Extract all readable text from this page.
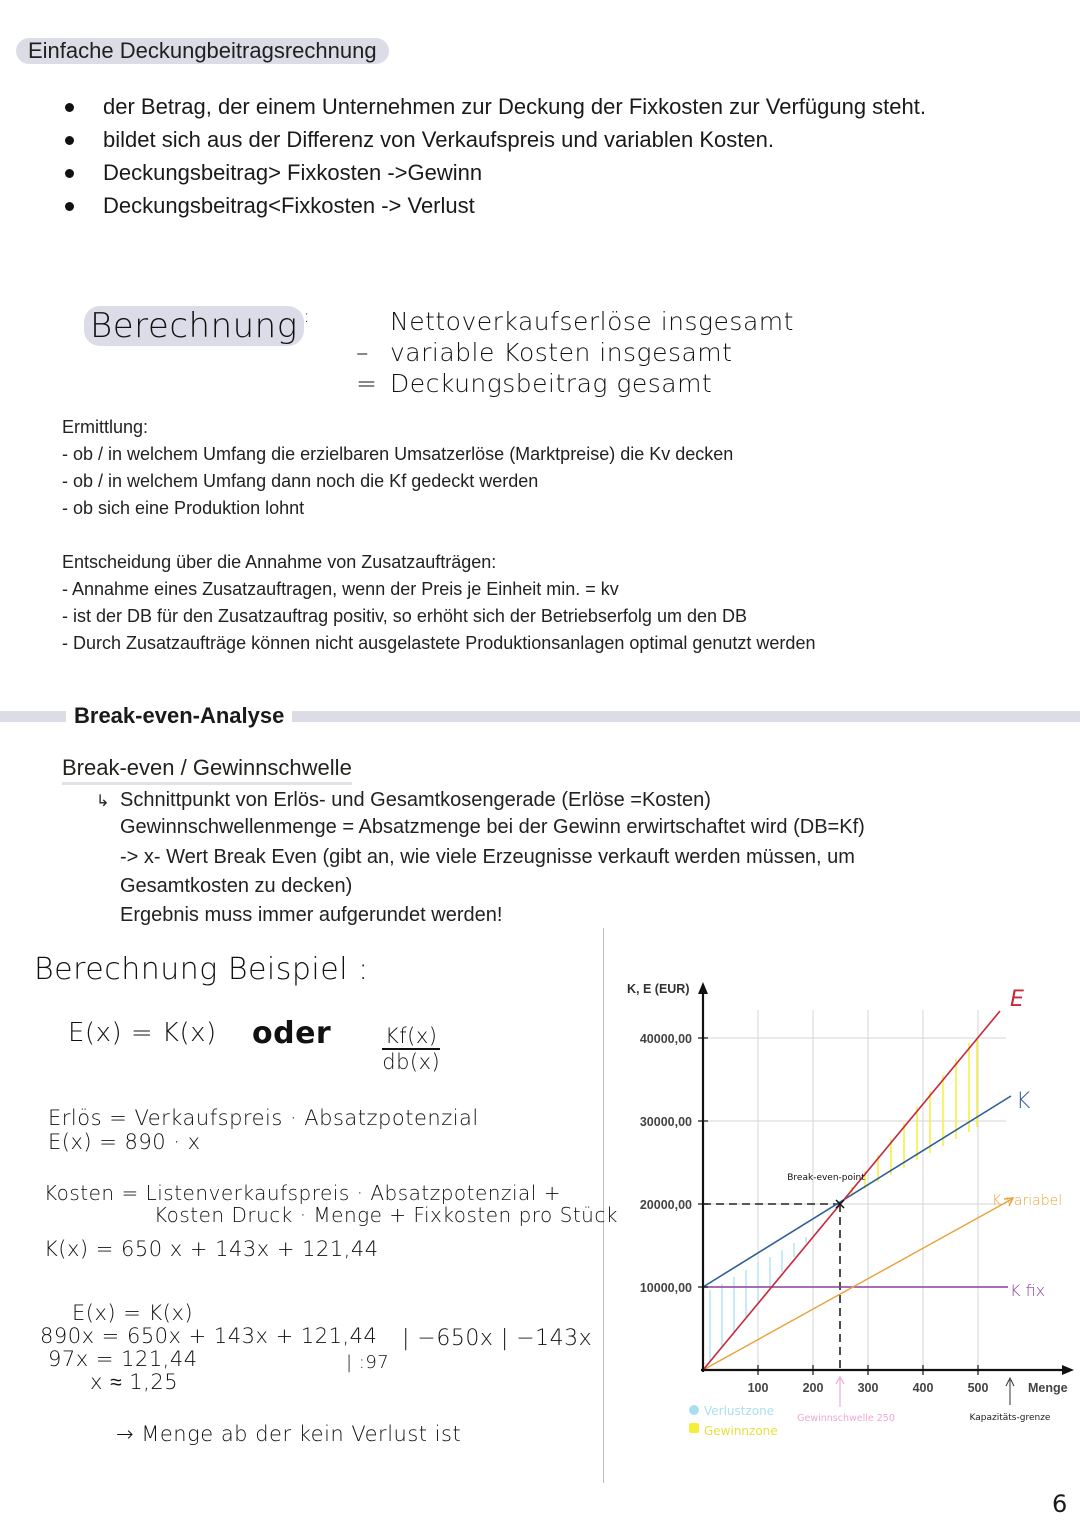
Einfache Deckungbeitragsrechnung
der Betrag, der einem Unternehmen zur Deckung der Fixkosten zur Verfügung steht.
bildet sich aus der Differenz von Verkaufspreis und variablen Kosten.
Deckungsbeitrag> Fixkosten ->Gewinn
Deckungsbeitrag<Fixkosten -> Verlust
Berechnung :	Nettoverkaufserlöse insgesamt
– variable Kosten insgesamt
= Deckungsbeitrag gesamt
Ermittlung:
- ob / in welchem Umfang die erzielbaren Umsatzerlöse (Marktpreise) die Kv decken
- ob / in welchem Umfang dann noch die Kf gedeckt werden
- ob sich eine Produktion lohnt
Entscheidung über die Annahme von Zusatzaufträgen:
- Annahme eines Zusatzauftragen, wenn der Preis je Einheit min. = kv
- ist der DB für den Zusatzauftrag positiv, so erhöht sich der Betriebserfolg um den DB
- Durch Zusatzaufträge können nicht ausgelastete Produktionsanlagen optimal genutzt werden
Break-even-Analyse
Break-even / Gewinnschwelle
↳ Schnittpunkt von Erlös- und Gesamtkosengerade (Erlöse =Kosten)
Gewinnschwellenmenge = Absatzmenge bei der Gewinn erwirtschaftet wird (DB=Kf)
-> x- Wert Break Even (gibt an, wie viele Erzeugnisse verkauft werden müssen, um
Gesamtkosten zu decken)
Ergebnis muss immer aufgerundet werden!
Berechnung Beispiel :
E(x) = K(x) oder $\frac{Kf(x)}{db(x)}$
Erlös = Verkaufspreis · Absatzpotenzial
E(x) = 890 · x
Kosten = Listenverkaufspreis · Absatzpotenzial +
Kosten Druck · Menge + Fixkosten pro Stück
K(x) = 650 x + 143x + 121,44
E(x) = K(x)
890x = 650x + 143x + 121,44
97x = 121,44
x ≈ 1,25
| −650x | −143x
| :97
→ Menge ab der kein Verlust ist
K, E (EUR)
40000,00
30000,00
20000,00
10000,00
100	200	300	400	500	Menge
E
K
K variabel
K fix
Break-even-point
Gewinnschwelle 250	Kapazitäts-grenze
Verlustzone
Gewinnzone
6
